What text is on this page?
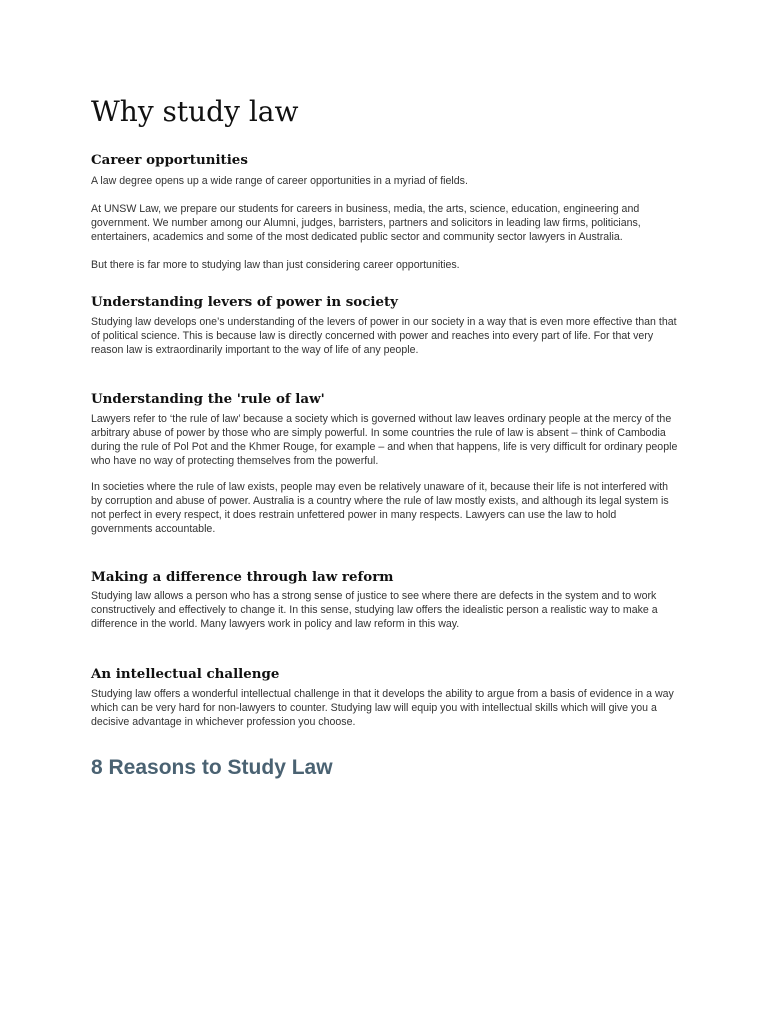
Why study law
Career opportunities

A law degree opens up a wide range of career opportunities in a myriad of fields.

At UNSW Law, we prepare our students for careers in business, media, the arts, science, education, engineering and government. We number among our Alumni, judges, barristers, partners and solicitors in leading law firms, politicians, entertainers, academics and some of the most dedicated public sector and community sector lawyers in Australia.

But there is far more to studying law than just considering career opportunities.

Understanding levers of power in society

Studying law develops one’s understanding of the levers of power in our society in a way that is even more effective than that of political science. This is because law is directly concerned with power and reaches into every part of life. For that very reason law is extraordinarily important to the way of life of any people.

Understanding the 'rule of law'

Lawyers refer to ‘the rule of law’ because a society which is governed without law leaves ordinary people at the mercy of the arbitrary abuse of power by those who are simply powerful. In some countries the rule of law is absent – think of Cambodia during the rule of Pol Pot and the Khmer Rouge, for example – and when that happens, life is very difficult for ordinary people who have no way of protecting themselves from the powerful.

In societies where the rule of law exists, people may even be relatively unaware of it, because their life is not interfered with by corruption and abuse of power. Australia is a country where the rule of law mostly exists, and although its legal system is not perfect in every respect, it does restrain unfettered power in many respects. Lawyers can use the law to hold governments accountable.

Making a difference through law reform

Studying law allows a person who has a strong sense of justice to see where there are defects in the system and to work constructively and effectively to change it. In this sense, studying law offers the idealistic person a realistic way to make a difference in the world. Many lawyers work in policy and law reform in this way.

An intellectual challenge

Studying law offers a wonderful intellectual challenge in that it develops the ability to argue from a basis of evidence in a way which can be very hard for non-lawyers to counter. Studying law will equip you with intellectual skills which will give you a decisive advantage in whichever profession you choose.

8 Reasons to Study Law
